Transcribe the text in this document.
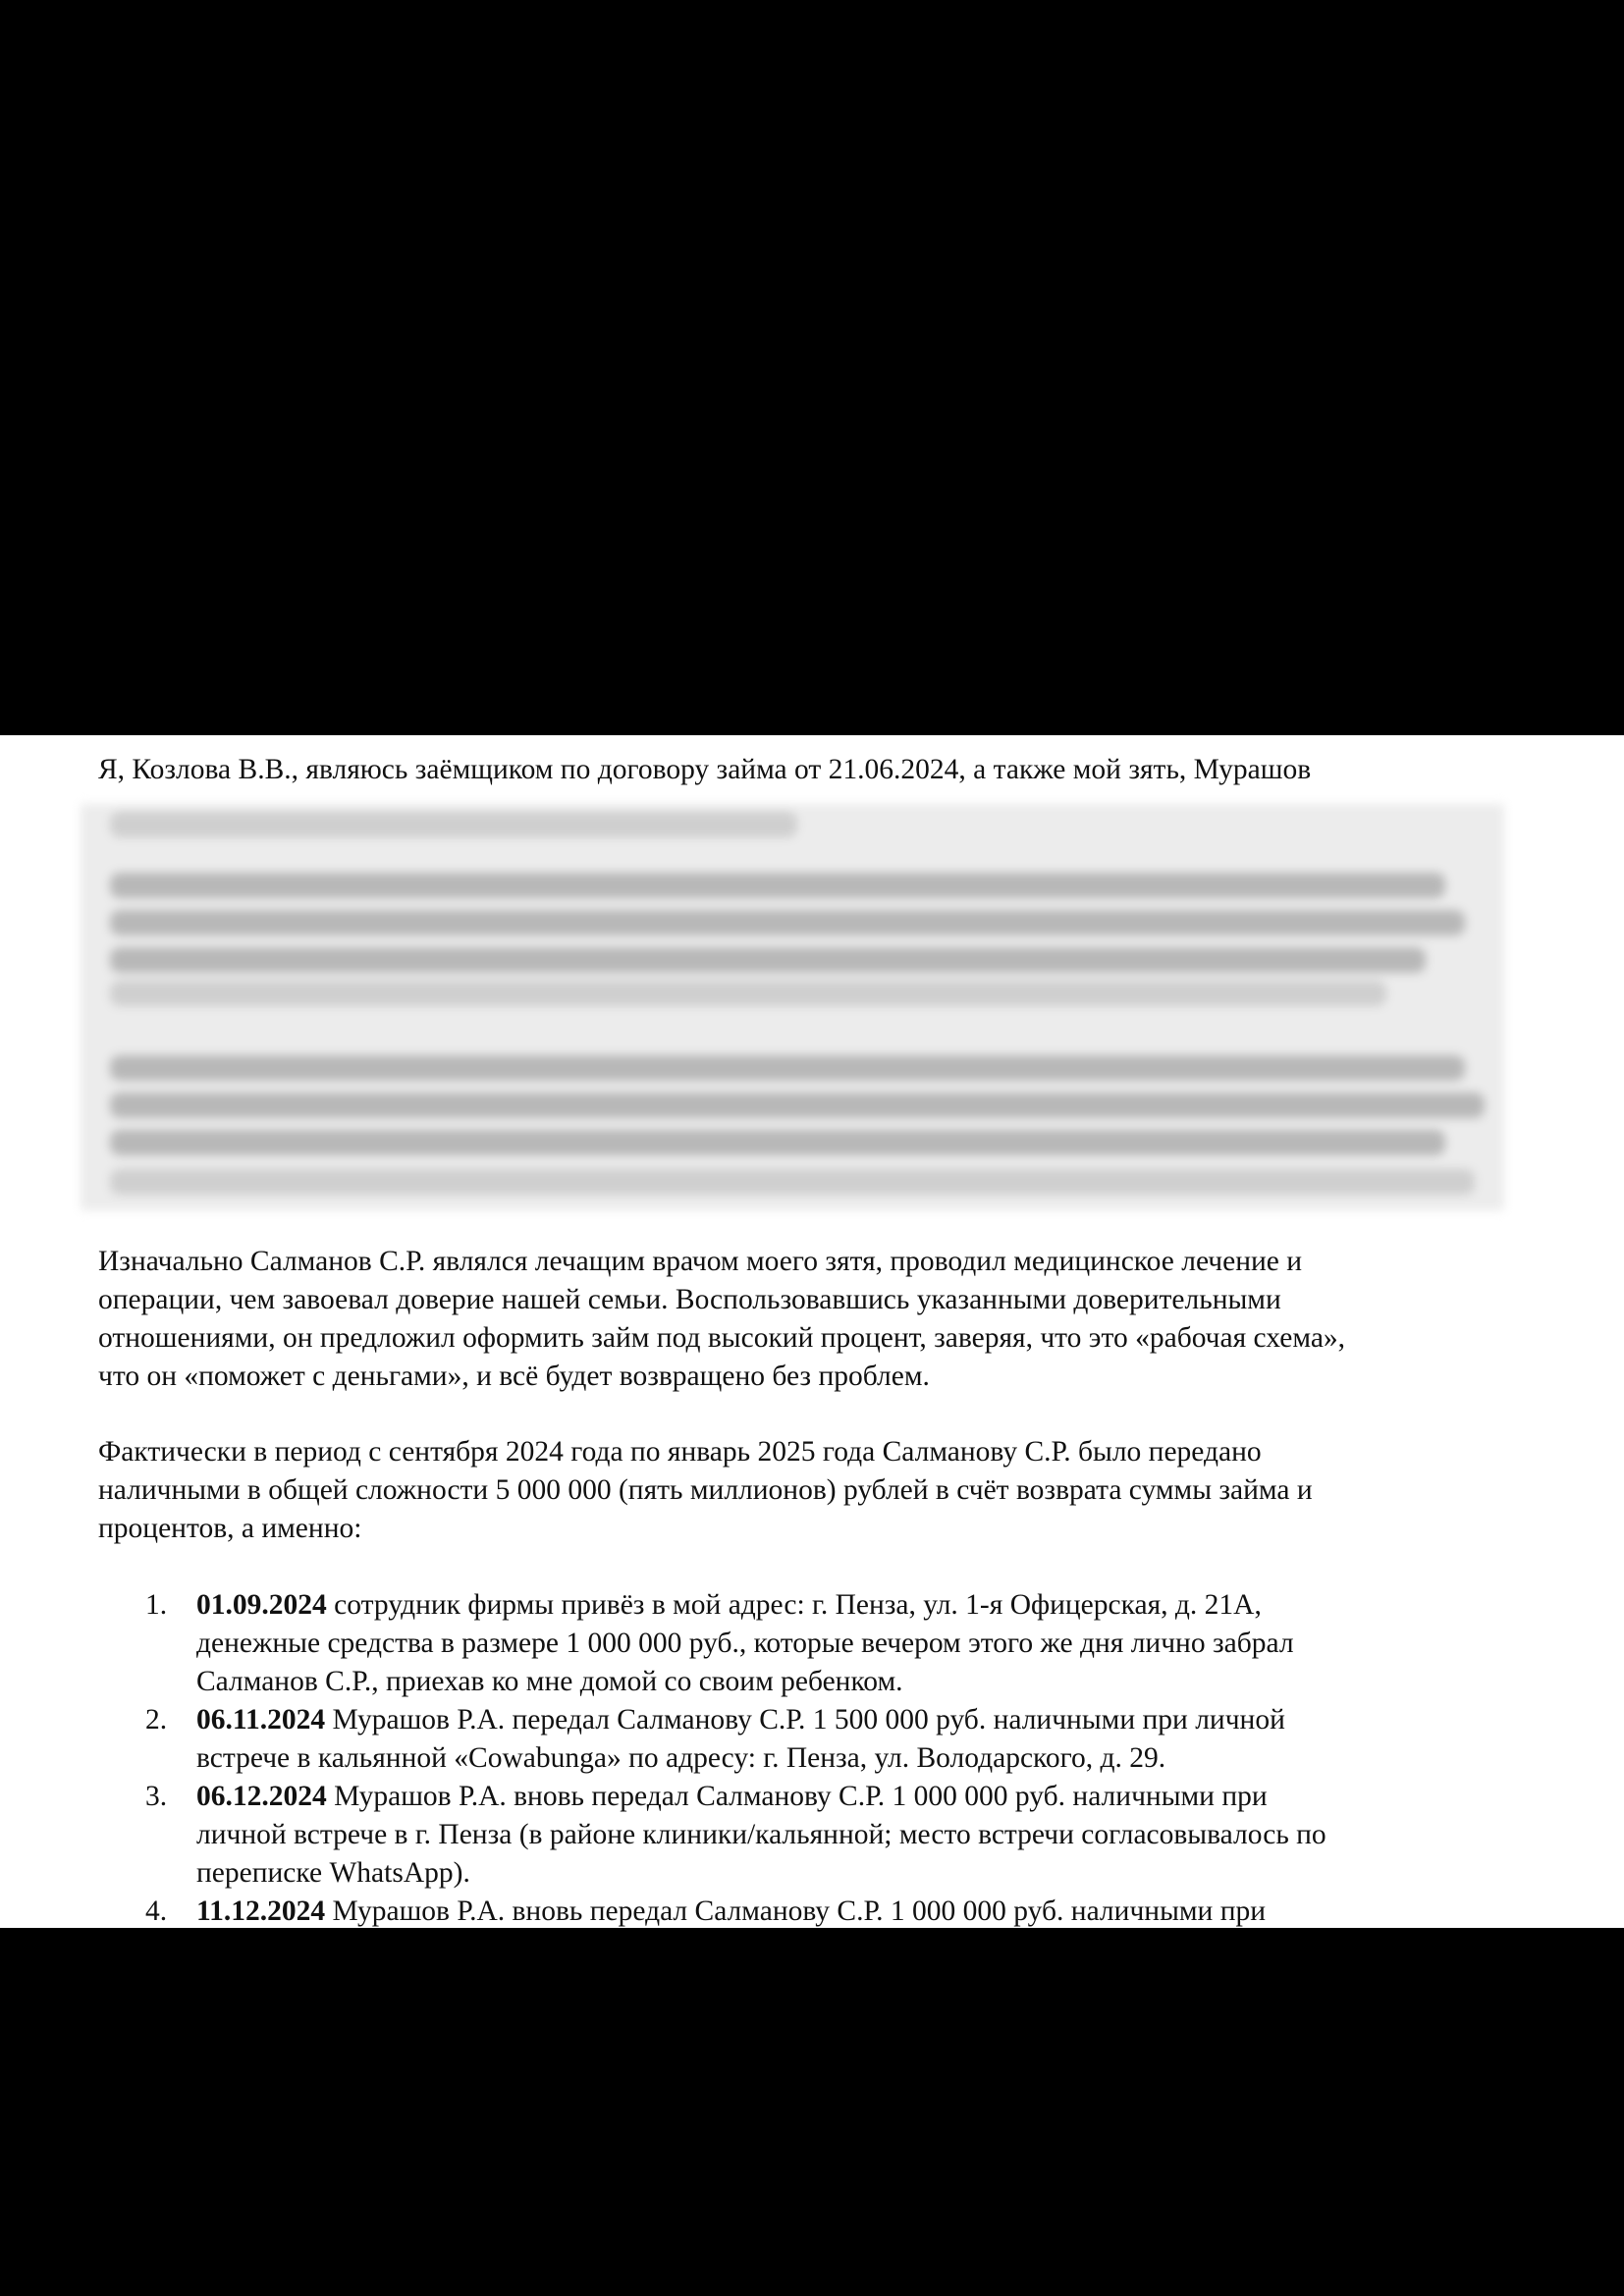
Я, Козлова В.В., являюсь заёмщиком по договору займа от 21.06.2024, а также мой зять, Мурашов

Изначально Салманов С.Р. являлся лечащим врачом моего зятя, проводил медицинское лечение и
операции, чем завоевал доверие нашей семьи. Воспользовавшись указанными доверительными
отношениями, он предложил оформить займ под высокий процент, заверяя, что это «рабочая схема»,
что он «поможет с деньгами», и всё будет возвращено без проблем.

Фактически в период с сентября 2024 года по январь 2025 года Салманову С.Р. было передано
наличными в общей сложности 5 000 000 (пять миллионов) рублей в счёт возврата суммы займа и
процентов, а именно:

1. 01.09.2024 сотрудник фирмы привёз в мой адрес: г. Пенза, ул. 1-я Офицерская, д. 21А,
денежные средства в размере 1 000 000 руб., которые вечером этого же дня лично забрал
Салманов С.Р., приехав ко мне домой со своим ребенком.
2. 06.11.2024 Мурашов Р.А. передал Салманову С.Р. 1 500 000 руб. наличными при личной
встрече в кальянной «Cowabunga» по адресу: г. Пенза, ул. Володарского, д. 29.
3. 06.12.2024 Мурашов Р.А. вновь передал Салманову С.Р. 1 000 000 руб. наличными при
личной встрече в г. Пенза (в районе клиники/кальянной; место встречи согласовывалось по
переписке WhatsApp).
4. 11.12.2024 Мурашов Р.А. вновь передал Салманову С.Р. 1 000 000 руб. наличными при
